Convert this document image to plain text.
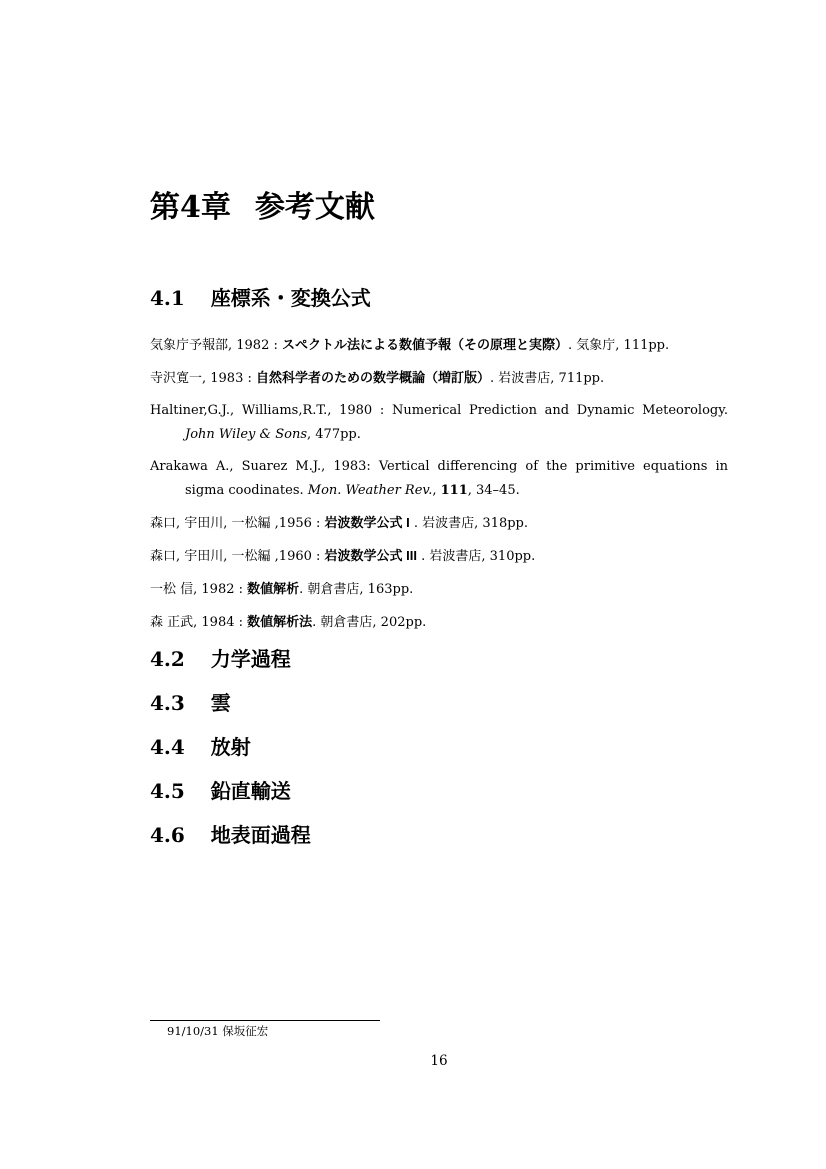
第4章 参考文献
4.1 座標系・変換公式

気象庁予報部, 1982 : スペクトル法による数値予報（その原理と実際）. 気象庁, 111pp.

寺沢寛一, 1983 : 自然科学者のための数学概論（増訂版）. 岩波書店, 711pp.

Haltiner,G.J., Williams,R.T., 1980 : Numerical Prediction and Dynamic Meteorology. John Wiley & Sons, 477pp.

Arakawa A., Suarez M.J., 1983: Vertical differencing of the primitive equations in sigma coodinates. Mon. Weather Rev., 111, 34–45.

森口, 宇田川, 一松編 ,1956 : 岩波数学公式 I . 岩波書店, 318pp.

森口, 宇田川, 一松編 ,1960 : 岩波数学公式 III . 岩波書店, 310pp.

一松 信, 1982 : 数値解析. 朝倉書店, 163pp.

森 正武, 1984 : 数値解析法. 朝倉書店, 202pp.

4.2 力学過程
4.3 雲
4.4 放射
4.5 鉛直輸送
4.6 地表面過程
91/10/31 保坂征宏
16
